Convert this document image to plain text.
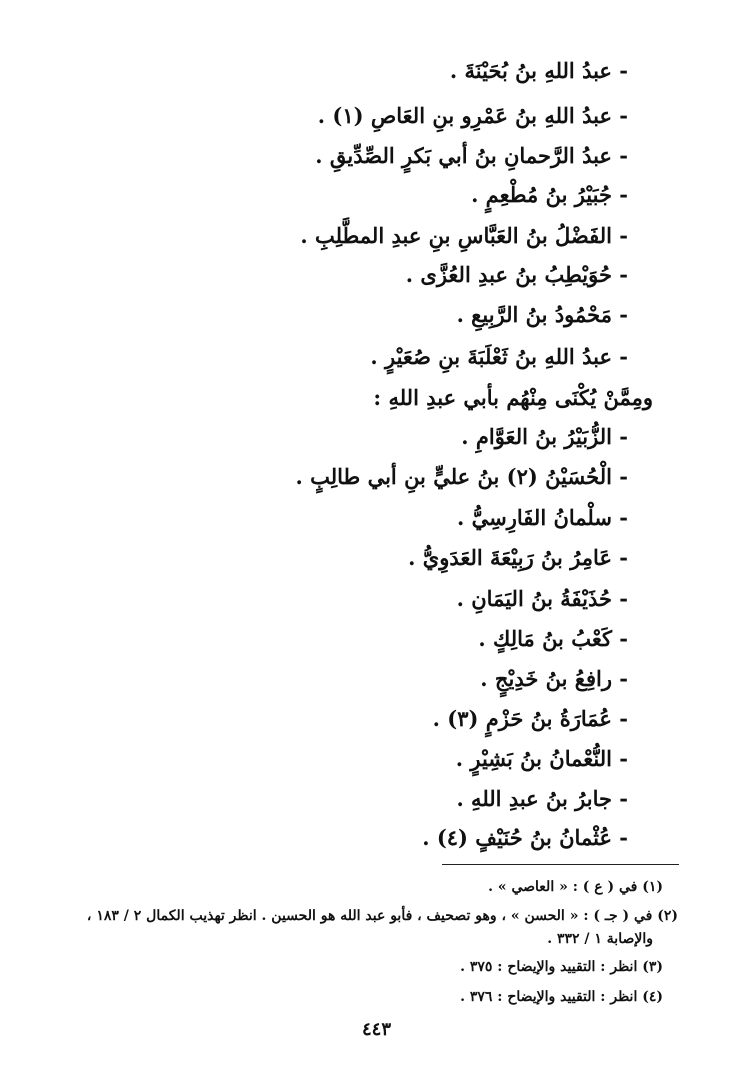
- عبدُ اللهِ بنُ بُحَيْنَةَ .
- عبدُ اللهِ بنُ عَمْرِو بنِ العَاصِ (١) .
- عبدُ الرَّحمانِ بنُ أبي بَكرٍ الصِّدِّيقِ .
- جُبَيْرُ بنُ مُطْعِمٍ .
- الفَضْلُ بنُ العَبَّاسِ بنِ عبدِ المطَّلِبِ .
- حُوَيْطِبُ بنُ عبدِ العُزَّى .
- مَحْمُودُ بنُ الرَّبِيعِ .
- عبدُ اللهِ بنُ ثَعْلَبَةَ بنِ صُعَيْرٍ .
ومِمَّنْ يُكْنَى مِنْهُم بأبي عبدِ اللهِ :
- الزُّبَيْرُ بنُ العَوَّامِ .
- الْحُسَيْنُ (٢) بنُ عليٍّ بنِ أبي طالِبٍ .
- سلْمانُ الفَارِسِيُّ .
- عَامِرُ بنُ رَبِيْعَةَ العَدَوِيُّ .
- حُذَيْفَةُ بنُ اليَمَانِ .
- كَعْبُ بنُ مَالِكٍ .
- رافِعُ بنُ خَدِيْجٍ .
- عُمَارَةُ بنُ حَزْمٍ (٣) .
- النُّعْمانُ بنُ بَشِيْرٍ .
- جابرُ بنُ عبدِ اللهِ .
- عُثْمانُ بنُ حُنَيْفٍ (٤) .
(١) في ( ع ) : « العاصي » .
(٢) في ( جـ ) : « الحسن » ، وهو تصحيف ، فأبو عبد الله هو الحسين . انظر تهذيب الكمال ٢ / ١٨٣ ،
والإصابة ١ / ٣٣٢ .
(٣) انظر : التقييد والإيضاح : ٣٧٥ .
(٤) انظر : التقييد والإيضاح : ٣٧٦ .
٤٤٣
